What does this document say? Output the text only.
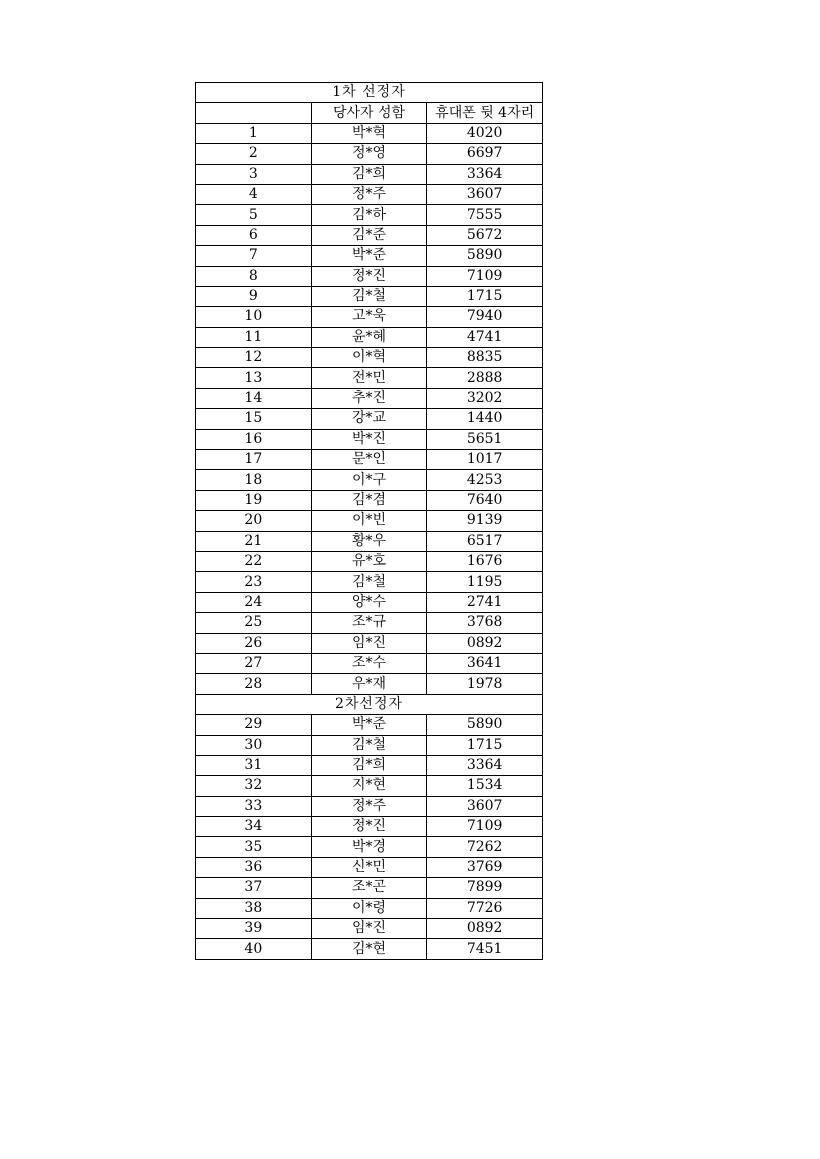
1차 선정자		
	당사자 성함	휴대폰 뒷 4자리
1	박*혁	4020
2	정*영	6697
3	김*희	3364
4	정*주	3607
5	김*하	7555
6	김*준	5672
7	박*준	5890
8	정*진	7109
9	김*철	1715
10	고*욱	7940
11	윤*혜	4741
12	이*혁	8835
13	전*민	2888
14	추*진	3202
15	강*교	1440
16	박*진	5651
17	문*인	1017
18	이*구	4253
19	김*겸	7640
20	이*빈	9139
21	황*우	6517
22	유*호	1676
23	김*철	1195
24	양*수	2741
25	조*규	3768
26	임*진	0892
27	조*수	3641
28	우*재	1978
2차선정자		
29	박*준	5890
30	김*철	1715
31	김*희	3364
32	지*현	1534
33	정*주	3607
34	정*진	7109
35	박*경	7262
36	신*민	3769
37	조*곤	7899
38	이*령	7726
39	임*진	0892
40	김*현	7451
